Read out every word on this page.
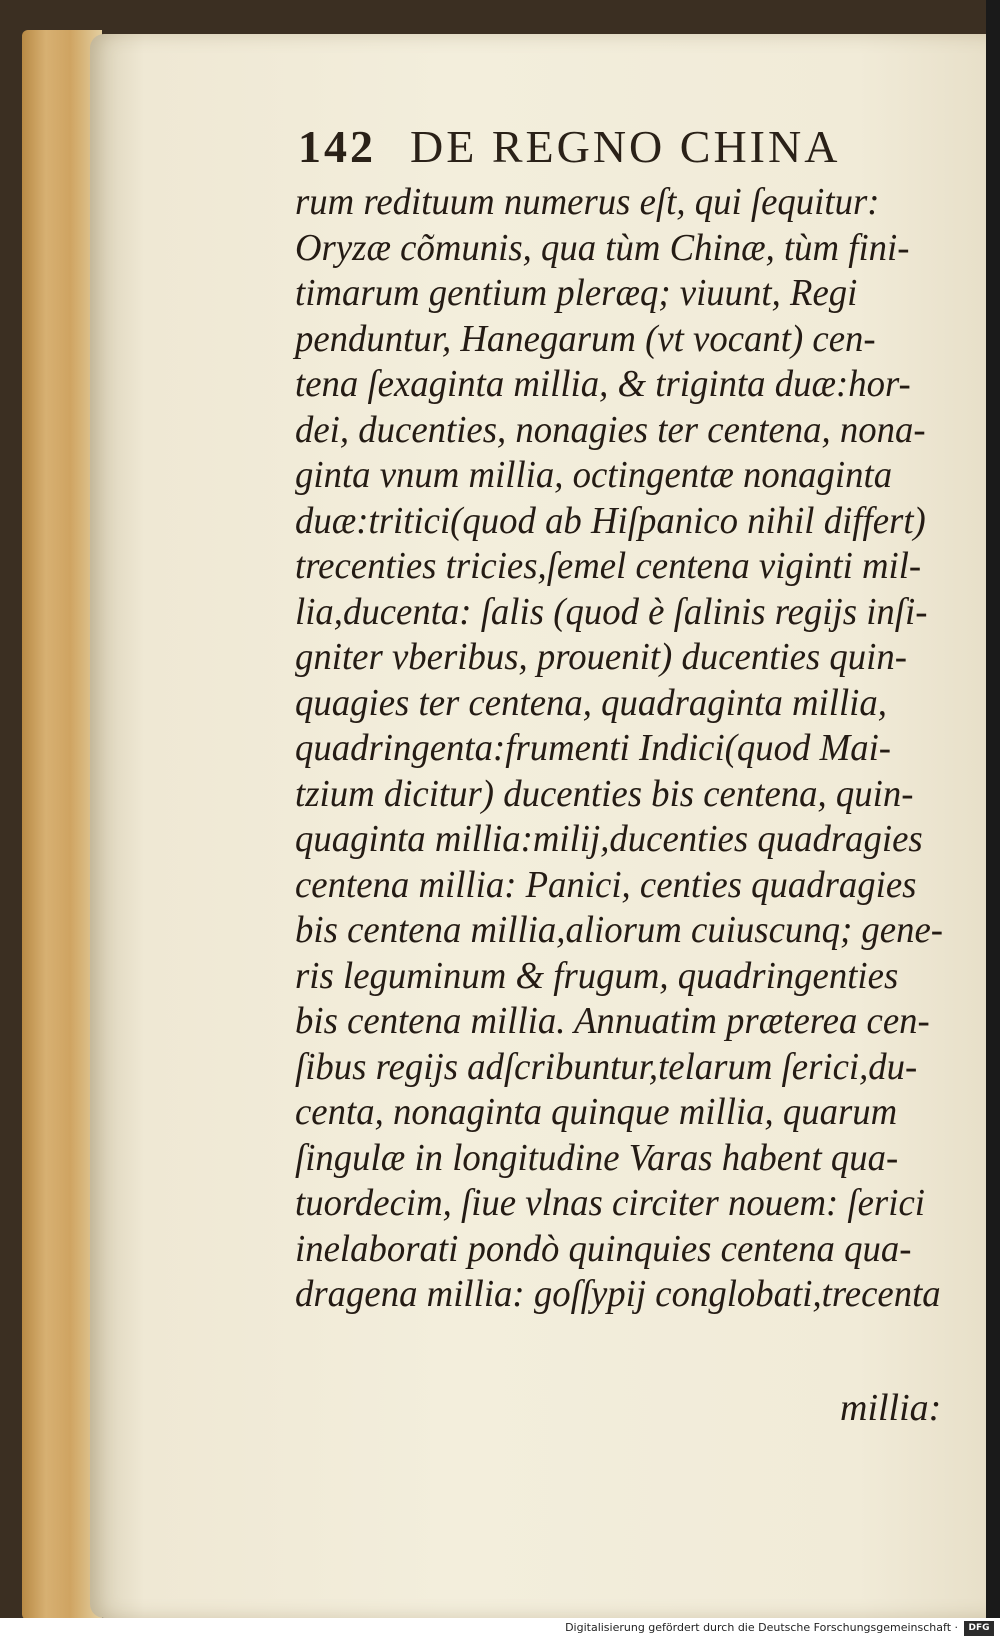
142 DE REGNO CHINA
rum redituum numerus eſt, qui ſequitur:
Oryzæ cõmunis, qua tùm Chinæ, tùm fini-
timarum gentium pleræq; viuunt, Regi
penduntur, Hanegarum (vt vocant) cen-
tena ſexaginta millia, & triginta duæ:hor-
dei, ducenties, nonagies ter centena, nona-
ginta vnum millia, octingentæ nonaginta
duæ:tritici(quod ab Hiſpanico nihil differt)
trecenties tricies,ſemel centena viginti mil-
lia,ducenta: ſalis (quod è ſalinis regijs inſi-
gniter vberibus, prouenit) ducenties quin-
quagies ter centena, quadraginta millia,
quadringenta:frumenti Indici(quod Mai-
tzium dicitur) ducenties bis centena, quin-
quaginta millia:milij,ducenties quadragies
centena millia: Panici, centies quadragies
bis centena millia,aliorum cuiuscunq; gene-
ris leguminum & frugum, quadringenties
bis centena millia. Annuatim præterea cen-
ſibus regijs adſcribuntur,telarum ſerici,du-
centa, nonaginta quinque millia, quarum
ſingulæ in longitudine Varas habent qua-
tuordecim, ſiue vlnas circiter nouem: ſerici
inelaborati pondò quinquies centena qua-
dragena millia: goſſypij conglobati,trecenta
millia:
Digitalisierung gefördert durch die Deutsche Forschungsgemeinschaft ·	DFG
